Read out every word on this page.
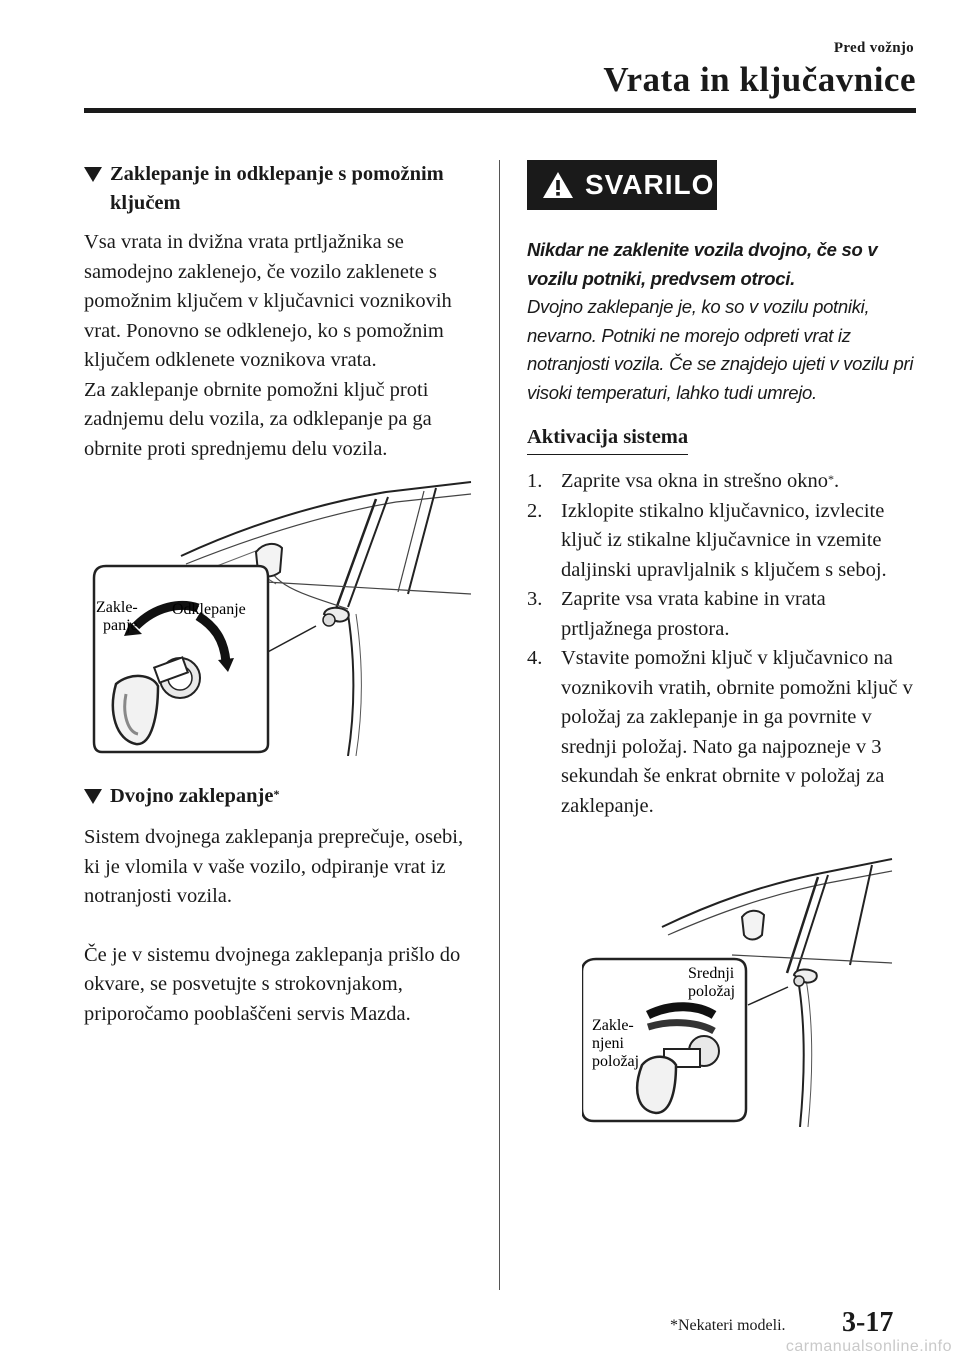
Pred vožnjo
Vrata in ključavnice
Zaklepanje in odklepanje s pomožnim ključem

Vsa vrata in dvižna vrata prtljažnika se samodejno zaklenejo, če vozilo zaklenete s pomožnim ključem v ključavnici voznikovih vrat. Ponovno se odklenejo, ko s pomožnim ključem odklenete voznikova vrata.

Za zaklepanje obrnite pomožni ključ proti zadnjemu delu vozila, za odklepanje pa ga obrnite proti sprednjemu delu vozila.

Zakle-
panje
Odklepanje
Dvojno zaklepanje*

Sistem dvojnega zaklepanja preprečuje, osebi, ki je vlomila v vaše vozilo, odpiranje vrat iz notranjosti vozila.

Če je v sistemu dvojnega zaklepanja prišlo do okvare, se posvetujte s strokovnjakom, priporočamo pooblaščeni servis Mazda.

SVARILO

Nikdar ne zaklenite vozila dvojno, če so v vozilu potniki, predvsem otroci.

Dvojno zaklepanje je, ko so v vozilu potniki, nevarno. Potniki ne morejo odpreti vrat iz notranjosti vozila. Če se znajdejo ujeti v vozilu pri visoki temperaturi, lahko tudi umrejo.

Aktivacija sistema
1. Zaprite vsa okna in strešno okno*.
2. Izklopite stikalno ključavnico, izvlecite ključ iz stikalne ključavnice in vzemite daljinski upravljalnik s ključem s seboj.
3. Zaprite vsa vrata kabine in vrata prtljažnega prostora.
4. Vstavite pomožni ključ v ključavnico na voznikovih vratih, obrnite pomožni ključ v položaj za zaklepanje in ga povrnite v srednji položaj. Nato ga najpozneje v 3 sekundah še enkrat obrnite v položaj za zaklepanje.
Srednji
položaj
Zakle-
njeni
položaj
*Nekateri modeli. 3-17
carmanualsonline.info
